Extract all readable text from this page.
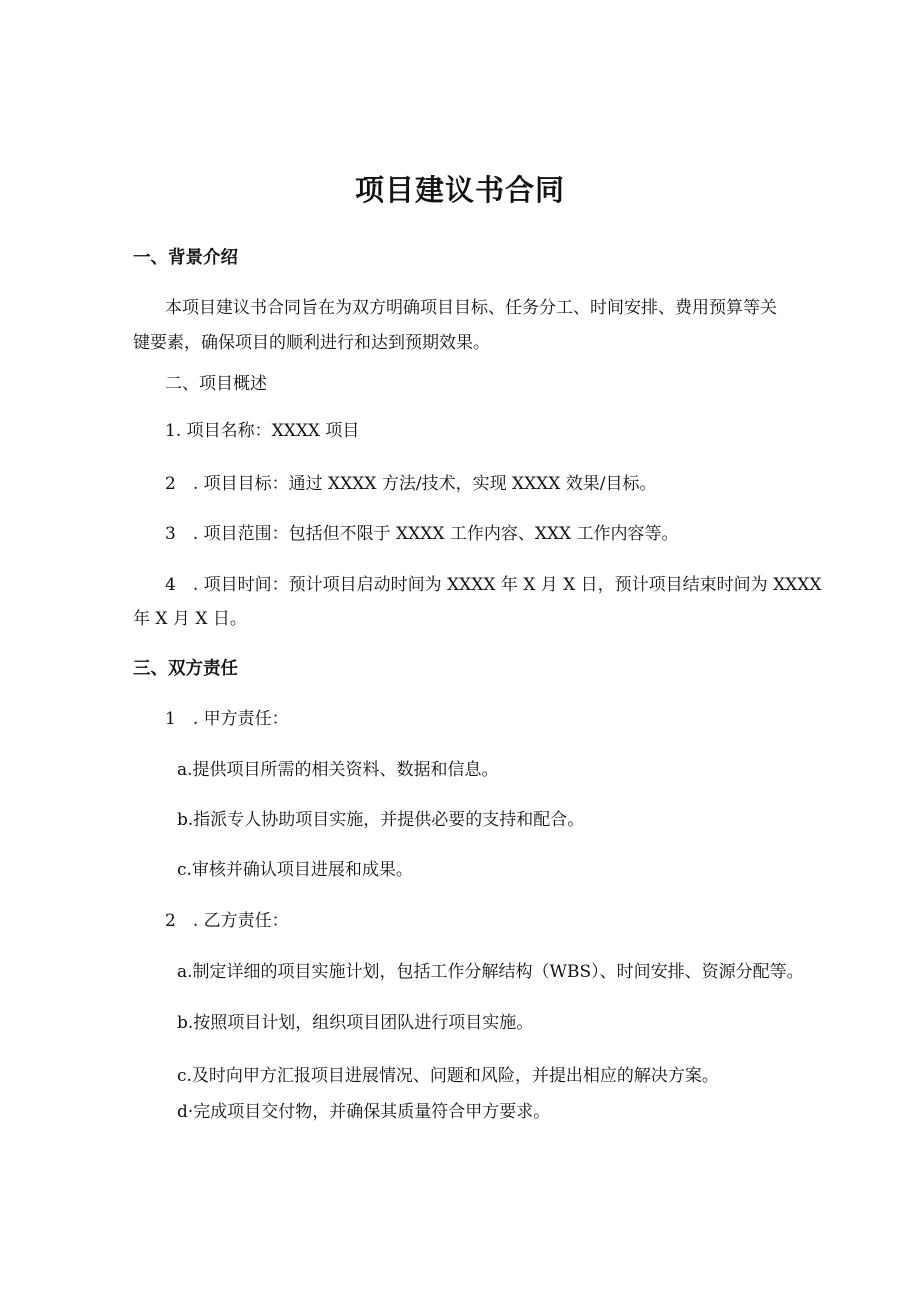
项目建议书合同
一、背景介绍
本项目建议书合同旨在为双方明确项目目标、任务分工、时间安排、费用预算等关
键要素，确保项目的顺利进行和达到预期效果。
二、项目概述
1. 项目名称：XXXX 项目
2　. 项目目标：通过 XXXX 方法/技术，实现 XXXX 效果/目标。
3　. 项目范围：包括但不限于 XXXX 工作内容、XXX 工作内容等。
4　. 项目时间：预计项目启动时间为 XXXX 年 X 月 X 日，预计项目结束时间为 XXXX
年 X 月 X 日。
三、双方责任
1　. 甲方责任：
a.提供项目所需的相关资料、数据和信息。
b.指派专人协助项目实施，并提供必要的支持和配合。
c.审核并确认项目进展和成果。
2　. 乙方责任：
a.制定详细的项目实施计划，包括工作分解结构（WBS）、时间安排、资源分配等。
b.按照项目计划，组织项目团队进行项目实施。
c.及时向甲方汇报项目进展情况、问题和风险，并提出相应的解决方案。
d·完成项目交付物，并确保其质量符合甲方要求。
